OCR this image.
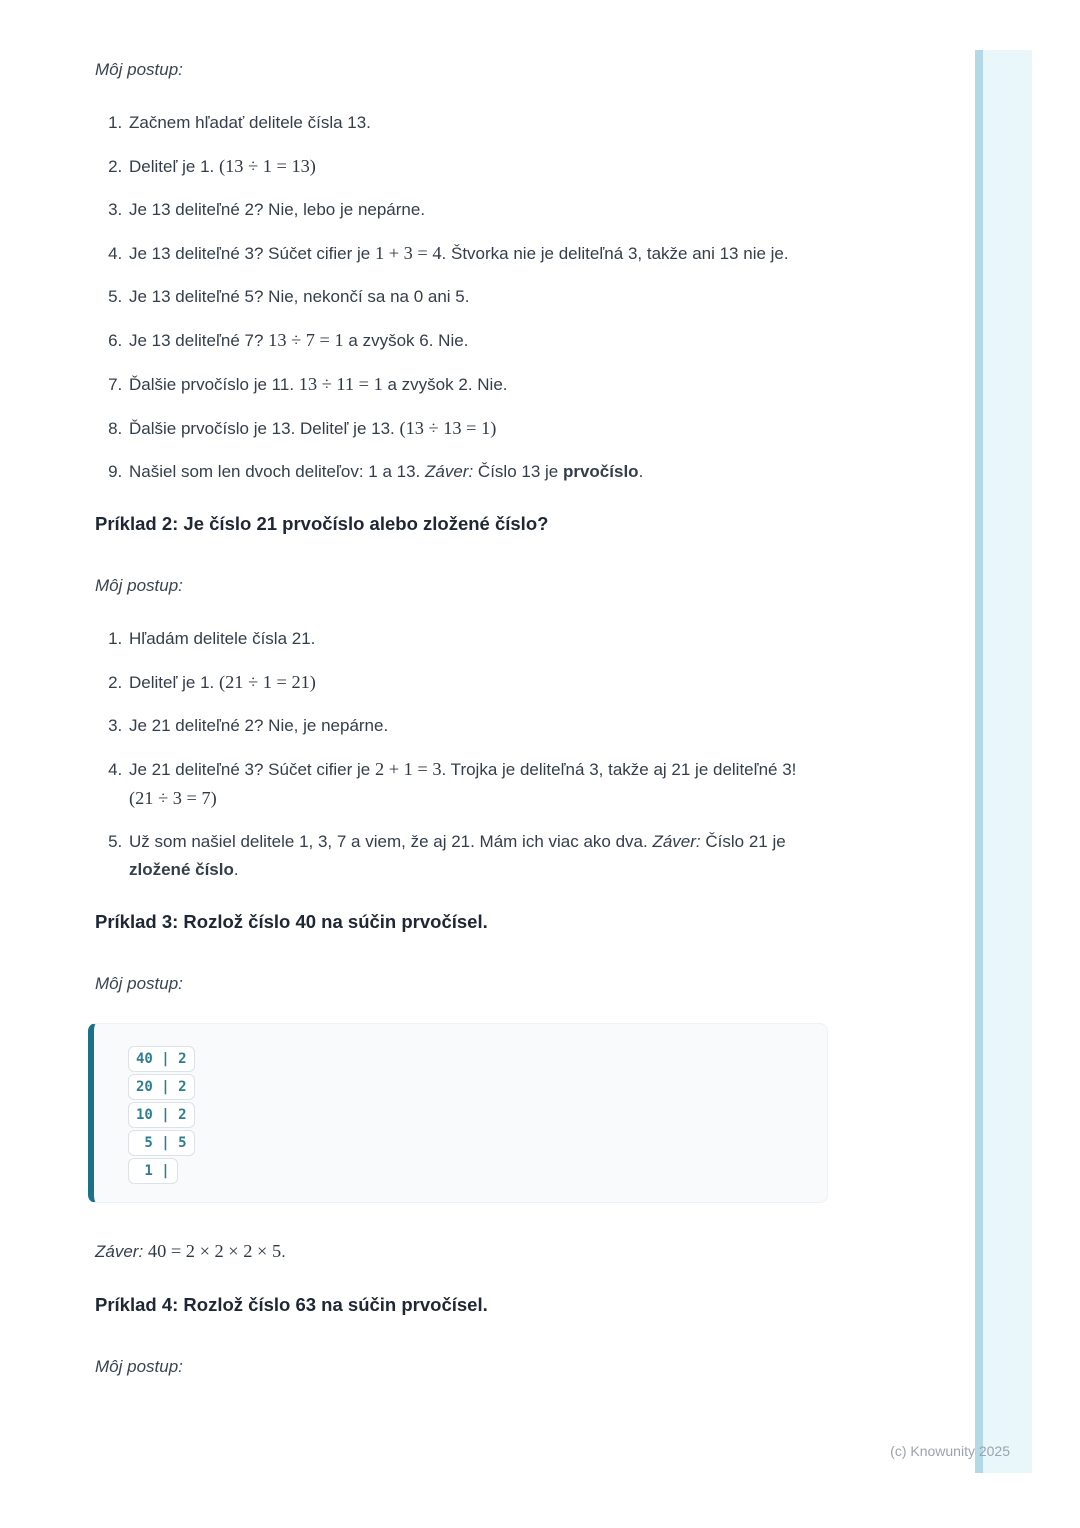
Môj postup:

1. Začnem hľadať delitele čísla 13.
2. Deliteľ je 1. (13 ÷ 1 = 13)
3. Je 13 deliteľné 2? Nie, lebo je nepárne.
4. Je 13 deliteľné 3? Súčet cifier je 1 + 3 = 4. Štvorka nie je deliteľná 3, takže ani 13 nie je.
5. Je 13 deliteľné 5? Nie, nekončí sa na 0 ani 5.
6. Je 13 deliteľné 7? 13 ÷ 7 = 1 a zvyšok 6. Nie.
7. Ďalšie prvočíslo je 11. 13 ÷ 11 = 1 a zvyšok 2. Nie.
8. Ďalšie prvočíslo je 13. Deliteľ je 13. (13 ÷ 13 = 1)
9. Našiel som len dvoch deliteľov: 1 a 13. Záver: Číslo 13 je prvočíslo.
Príklad 2: Je číslo 21 prvočíslo alebo zložené číslo?

Môj postup:

1. Hľadám delitele čísla 21.
2. Deliteľ je 1. (21 ÷ 1 = 21)
3. Je 21 deliteľné 2? Nie, je nepárne.
4. Je 21 deliteľné 3? Súčet cifier je 2 + 1 = 3. Trojka je deliteľná 3, takže aj 21 je deliteľné 3! (21 ÷ 3 = 7)
5. Už som našiel delitele 1, 3, 7 a viem, že aj 21. Mám ich viac ako dva. Záver: Číslo 21 je zložené číslo.
Príklad 3: Rozlož číslo 40 na súčin prvočísel.

Môj postup:

40 | 2
20 | 2
10 | 2
5 | 5
1 |

Záver: 40 = 2 × 2 × 2 × 5.

Príklad 4: Rozlož číslo 63 na súčin prvočísel.

Môj postup:

(c) Knowunity 2025
